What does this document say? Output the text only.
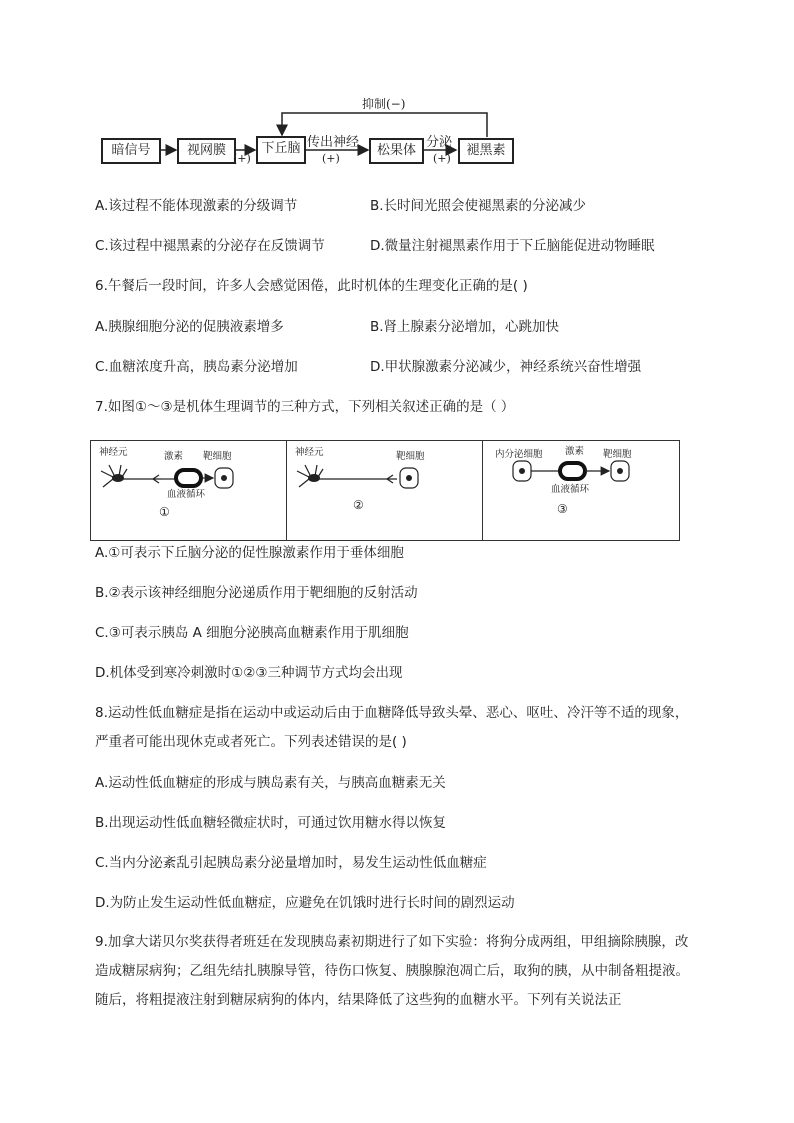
暗信号	视网膜	下丘脑	松果体	褪黑素
抑制(−)
传出神经	分泌
(+)	(+)	(+)
A.该过程不能体现激素的分级调节	B.长时间光照会使褪黑素的分泌减少
C.该过程中褪黑素的分泌存在反馈调节	D.微量注射褪黑素作用于下丘脑能促进动物睡眠
6.午餐后一段时间，许多人会感觉困倦，此时机体的生理变化正确的是( )
A.胰腺细胞分泌的促胰液素增多	B.肾上腺素分泌增加，心跳加快
C.血糖浓度升高，胰岛素分泌增加	D.甲状腺激素分泌减少，神经系统兴奋性增强
7.如图①～③是机体生理调节的三种方式，下列相关叙述正确的是（ ）
神经元	激素 靶细胞
血液循环
①
神经元	靶细胞
②
内分泌细胞 激素 靶细胞
血液循环
③
A.①可表示下丘脑分泌的促性腺激素作用于垂体细胞
B.②表示该神经细胞分泌递质作用于靶细胞的反射活动
C.③可表示胰岛 A 细胞分泌胰高血糖素作用于肌细胞
D.机体受到寒冷刺激时①②③三种调节方式均会出现
8.运动性低血糖症是指在运动中或运动后由于血糖降低导致头晕、恶心、呕吐、冷汗等不适的现象，严重者可能出现休克或者死亡。下列表述错误的是( )
A.运动性低血糖症的形成与胰岛素有关，与胰高血糖素无关
B.出现运动性低血糖轻微症状时，可通过饮用糖水得以恢复
C.当内分泌紊乱引起胰岛素分泌量增加时，易发生运动性低血糖症
D.为防止发生运动性低血糖症，应避免在饥饿时进行长时间的剧烈运动
9.加拿大诺贝尔奖获得者班廷在发现胰岛素初期进行了如下实验：将狗分成两组，甲组摘除胰腺，改造成糖尿病狗；乙组先结扎胰腺导管，待伤口恢复、胰腺腺泡凋亡后，取狗的胰，从中制备粗提液。随后，将粗提液注射到糖尿病狗的体内，结果降低了这些狗的血糖水平。下列有关说法正
